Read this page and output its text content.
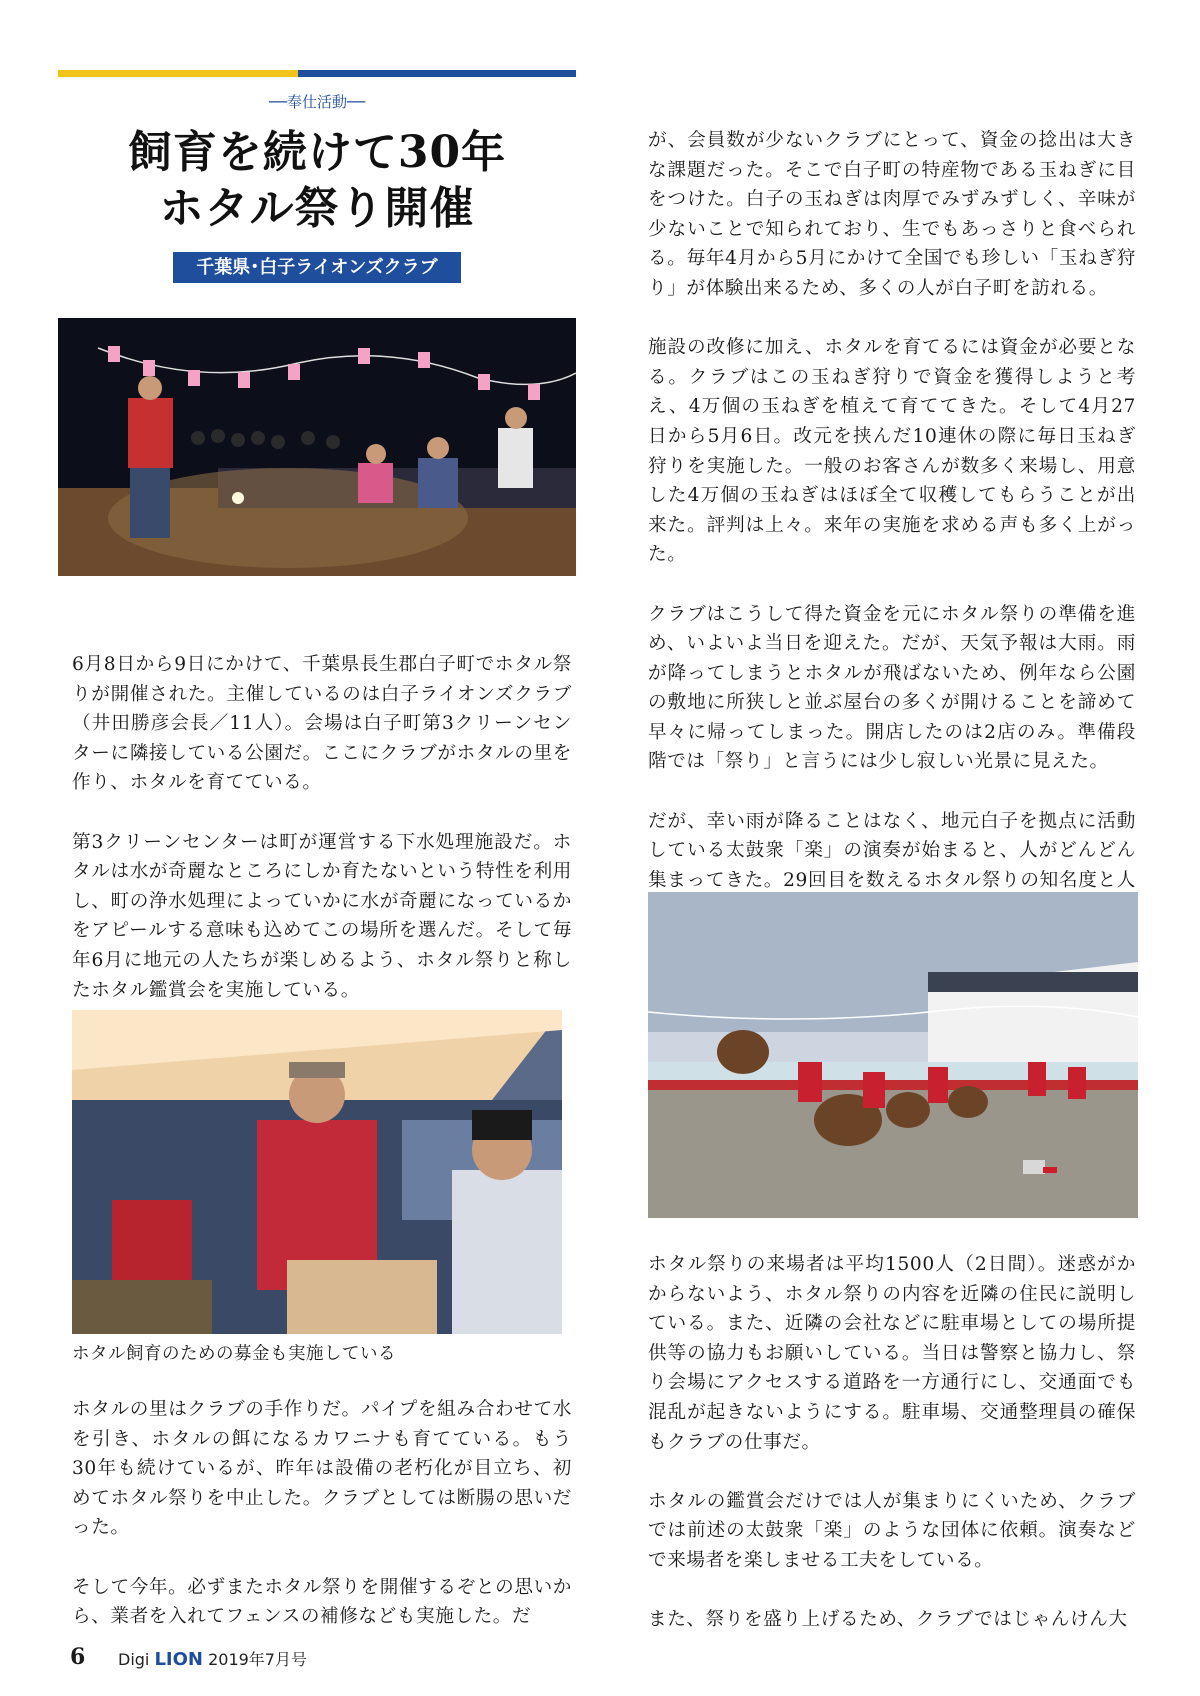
──奉仕活動──
飼育を続けて30年
ホタル祭り開催
千葉県･白子ライオンズクラブ

6月8日から9日にかけて、千葉県長生郡白子町でホタル祭りが開催された。主催しているのは白子ライオンズクラブ（井田勝彦会長／11人）。会場は白子町第3クリーンセンターに隣接している公園だ。ここにクラブがホタルの里を作り、ホタルを育てている。

第3クリーンセンターは町が運営する下水処理施設だ。ホタルは水が奇麗なところにしか育たないという特性を利用し、町の浄水処理によっていかに水が奇麗になっているかをアピールする意味も込めてこの場所を選んだ。そして毎年6月に地元の人たちが楽しめるよう、ホタル祭りと称したホタル鑑賞会を実施している。

ホタル飼育のための募金も実施している

ホタルの里はクラブの手作りだ。パイプを組み合わせて水を引き、ホタルの餌になるカワニナも育てている。もう30年も続けているが、昨年は設備の老朽化が目立ち、初めてホタル祭りを中止した。クラブとしては断腸の思いだった。

そして今年。必ずまたホタル祭りを開催するぞとの思いから、業者を入れてフェンスの補修なども実施した。だ

が、会員数が少ないクラブにとって、資金の捻出は大きな課題だった。そこで白子町の特産物である玉ねぎに目をつけた。白子の玉ねぎは肉厚でみずみずしく、辛味が少ないことで知られており、生でもあっさりと食べられる。毎年4月から5月にかけて全国でも珍しい「玉ねぎ狩り」が体験出来るため、多くの人が白子町を訪れる。

施設の改修に加え、ホタルを育てるには資金が必要となる。クラブはこの玉ねぎ狩りで資金を獲得しようと考え、4万個の玉ねぎを植えて育ててきた。そして4月27日から5月6日。改元を挟んだ10連休の際に毎日玉ねぎ狩りを実施した。一般のお客さんが数多く来場し、用意した4万個の玉ねぎはほぼ全て収穫してもらうことが出来た。評判は上々。来年の実施を求める声も多く上がった。

クラブはこうして得た資金を元にホタル祭りの準備を進め、いよいよ当日を迎えた。だが、天気予報は大雨。雨が降ってしまうとホタルが飛ばないため、例年なら公園の敷地に所狭しと並ぶ屋台の多くが開けることを諦めて早々に帰ってしまった。開店したのは2店のみ。準備段階では「祭り」と言うには少し寂しい光景に見えた。

だが、幸い雨が降ることはなく、地元白子を拠点に活動している太鼓衆「楽」の演奏が始まると、人がどんどん集まってきた。29回目を数えるホタル祭りの知名度と人

ホタル祭りの来場者は平均1500人（2日間）。迷惑がかからないよう、ホタル祭りの内容を近隣の住民に説明している。また、近隣の会社などに駐車場としての場所提供等の協力もお願いしている。当日は警察と協力し、祭り会場にアクセスする道路を一方通行にし、交通面でも混乱が起きないようにする。駐車場、交通整理員の確保もクラブの仕事だ。

ホタルの鑑賞会だけでは人が集まりにくいため、クラブでは前述の太鼓衆「楽」のような団体に依頼。演奏などで来場者を楽しませる工夫をしている。

また、祭りを盛り上げるため、クラブではじゃんけん大

6 Digi LION 2019年7月号
